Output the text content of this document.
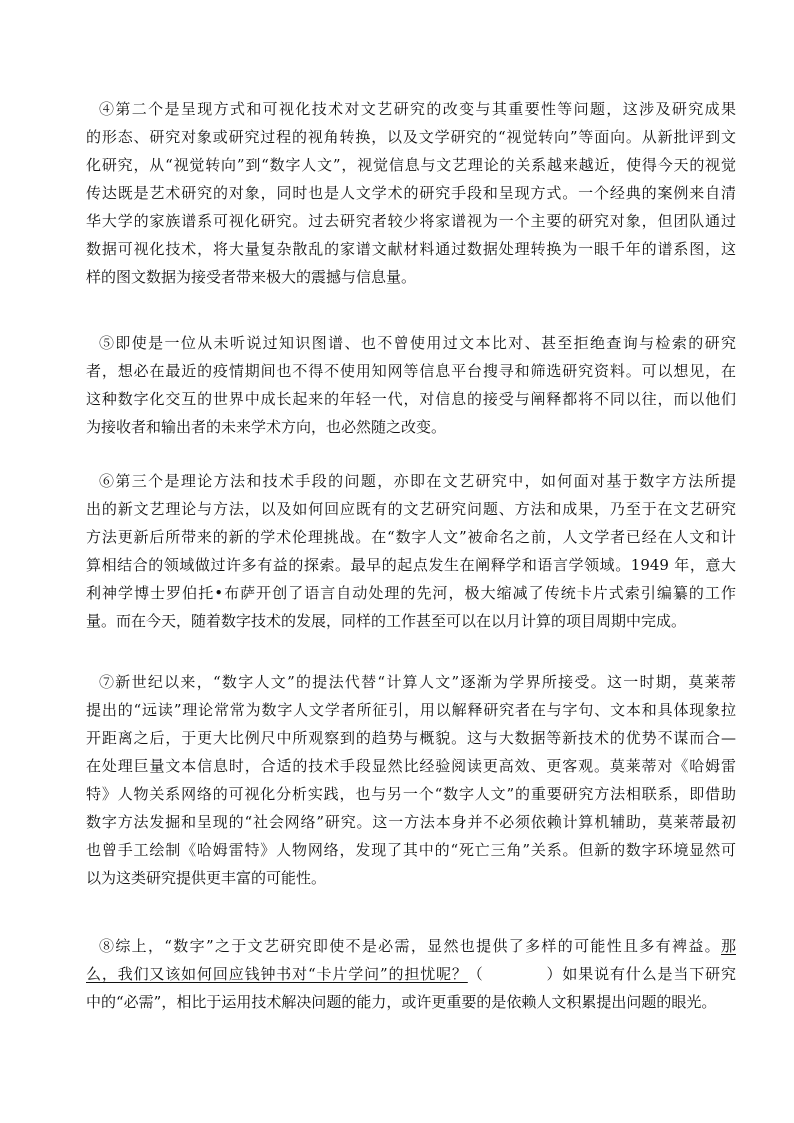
④第二个是呈现方式和可视化技术对文艺研究的改变与其重要性等问题，这涉及研究成果
的形态、研究对象或研究过程的视角转换，以及文学研究的“视觉转向”等面向。从新批评到文
化研究，从“视觉转向”到“数字人文”，视觉信息与文艺理论的关系越来越近，使得今天的视觉
传达既是艺术研究的对象，同时也是人文学术的研究手段和呈现方式。一个经典的案例来自清
华大学的家族谱系可视化研究。过去研究者较少将家谱视为一个主要的研究对象，但团队通过
数据可视化技术，将大量复杂散乱的家谱文献材料通过数据处理转换为一眼千年的谱系图，这
样的图文数据为接受者带来极大的震撼与信息量。
⑤即使是一位从未听说过知识图谱、也不曾使用过文本比对、甚至拒绝查询与检索的研究
者，想必在最近的疫情期间也不得不使用知网等信息平台搜寻和筛选研究资料。可以想见，在
这种数字化交互的世界中成长起来的年轻一代，对信息的接受与阐释都将不同以往，而以他们
为接收者和输出者的未来学术方向，也必然随之改变。
⑥第三个是理论方法和技术手段的问题，亦即在文艺研究中，如何面对基于数字方法所提
出的新文艺理论与方法，以及如何回应既有的文艺研究问题、方法和成果，乃至于在文艺研究
方法更新后所带来的新的学术伦理挑战。在“数字人文”被命名之前，人文学者已经在人文和计
算相结合的领域做过许多有益的探索。最早的起点发生在阐释学和语言学领域。1949 年，意大
利神学博士罗伯托•布萨开创了语言自动处理的先河，极大缩减了传统卡片式索引编纂的工作
量。而在今天，随着数字技术的发展，同样的工作甚至可以在以月计算的项目周期中完成。
⑦新世纪以来，“数字人文”的提法代替“计算人文”逐渐为学界所接受。这一时期，莫莱蒂
提出的“远读”理论常常为数字人文学者所征引，用以解释研究者在与字句、文本和具体现象拉
开距离之后，于更大比例尺中所观察到的趋势与概貌。这与大数据等新技术的优势不谋而合—
在处理巨量文本信息时，合适的技术手段显然比经验阅读更高效、更客观。莫莱蒂对《哈姆雷
特》人物关系网络的可视化分析实践，也与另一个“数字人文”的重要研究方法相联系，即借助
数字方法发掘和呈现的“社会网络”研究。这一方法本身并不必须依赖计算机辅助，莫莱蒂最初
也曾手工绘制《哈姆雷特》人物网络，发现了其中的“死亡三角”关系。但新的数字环境显然可
以为这类研究提供更丰富的可能性。
⑧综上，“数字”之于文艺研究即使不是必需，显然也提供了多样的可能性且多有裨益。那
么，我们又该如何回应钱钟书对“卡片学问”的担忧呢？（	）如果说有什么是当下研究
中的“必需”，相比于运用技术解决问题的能力，或许更重要的是依赖人文积累提出问题的眼光。
